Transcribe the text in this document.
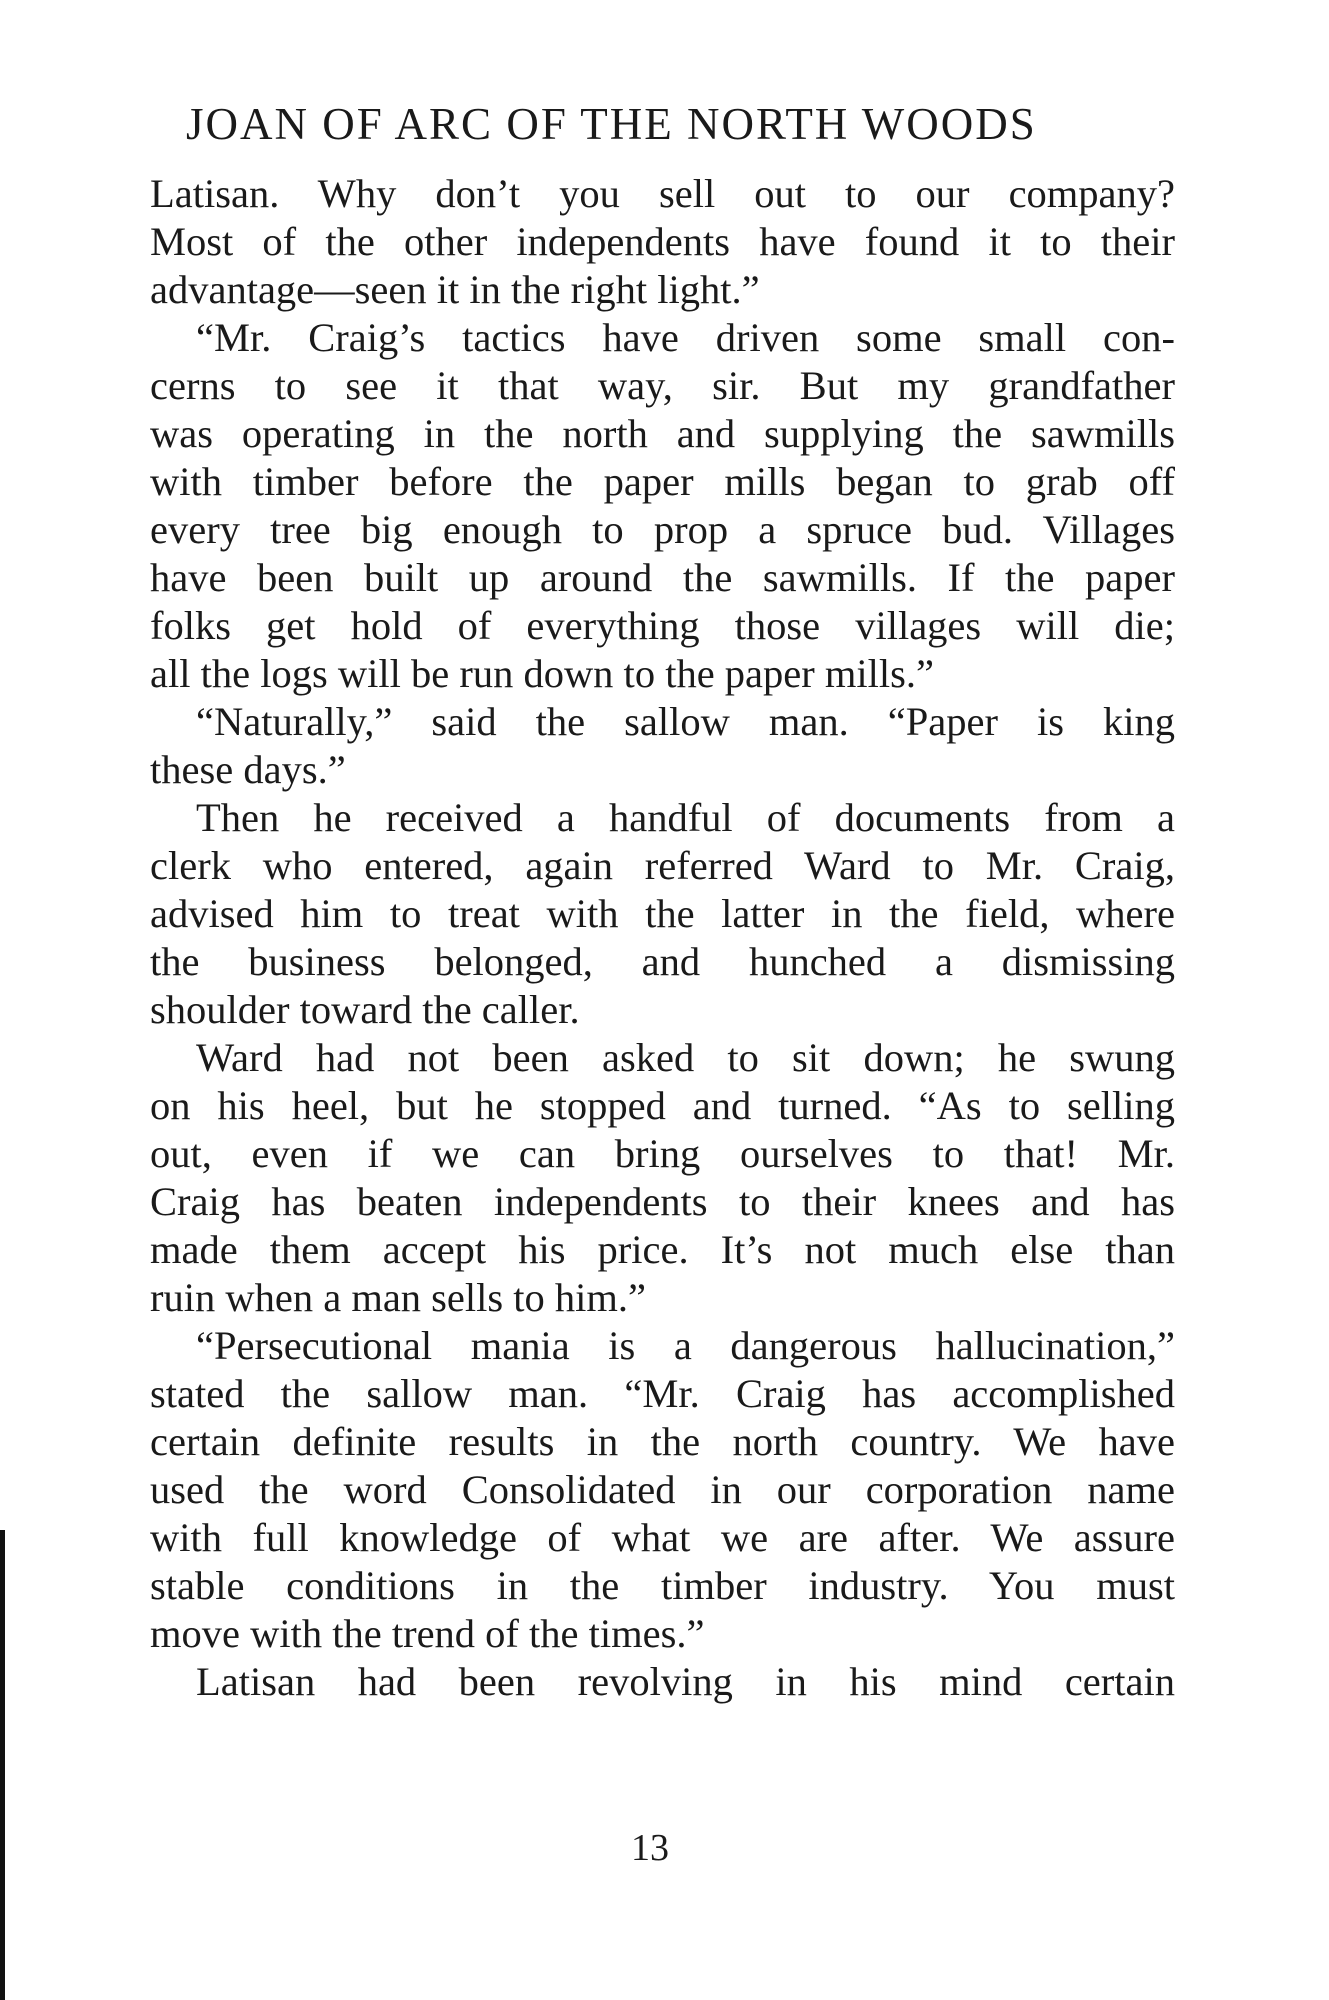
JOAN OF ARC OF THE NORTH WOODS
Latisan. Why don’t you sell out to our company?
Most of the other independents have found it to their
advantage—seen it in the right light.”
“Mr. Craig’s tactics have driven some small con-
cerns to see it that way, sir. But my grandfather
was operating in the north and supplying the sawmills
with timber before the paper mills began to grab off
every tree big enough to prop a spruce bud. Villages
have been built up around the sawmills. If the paper
folks get hold of everything those villages will die;
all the logs will be run down to the paper mills.”
“Naturally,” said the sallow man. “Paper is king
these days.”
Then he received a handful of documents from a
clerk who entered, again referred Ward to Mr. Craig,
advised him to treat with the latter in the field, where
the business belonged, and hunched a dismissing
shoulder toward the caller.
Ward had not been asked to sit down; he swung
on his heel, but he stopped and turned. “As to selling
out, even if we can bring ourselves to that! Mr.
Craig has beaten independents to their knees and has
made them accept his price. It’s not much else than
ruin when a man sells to him.”
“Persecutional mania is a dangerous hallucination,”
stated the sallow man. “Mr. Craig has accomplished
certain definite results in the north country. We have
used the word Consolidated in our corporation name
with full knowledge of what we are after. We assure
stable conditions in the timber industry. You must
move with the trend of the times.”
Latisan had been revolving in his mind certain
13
